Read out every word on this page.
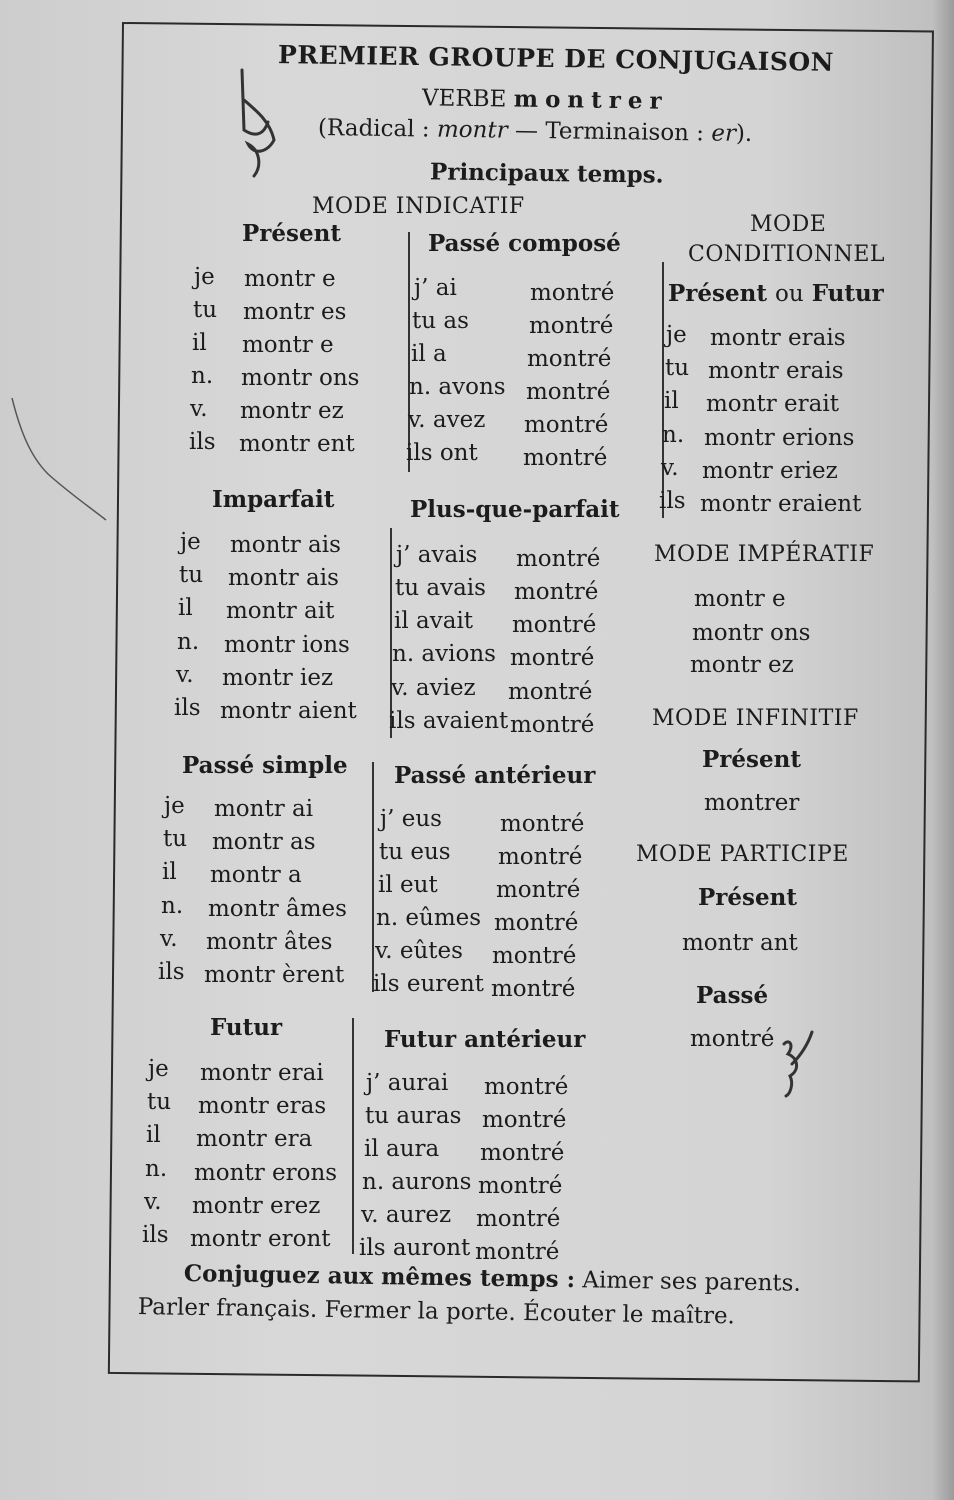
PREMIER GROUPE DE CONJUGAISON
VERBE montrer
(Radical : montr — Terminaison : er).
Principaux temps.
MODE INDICATIF
MODE
CONDITIONNEL
Présent	Passé composé
Présent ou Futur
Imparfait	Plus-que-parfait
Passé simple Passé antérieur
Futur	Futur antérieur
je montr e
tu montr es
il montr e
n. montr ons
v. montr ez
ils montr ent
j’ ai	montré
tu as	montré
il a	montré
n. avons montré
v. avez montré
ils ont montré
je montr erais
tu montr erais
il montr erait
n. montr erions
v. montr eriez
ils montr eraient
je montr ais
tu montr ais
il montr ait
n. montr ions
v. montr iez
ils montr aient
j’ avais montré
tu avais montré
il avait montré
n. avions montré
v. aviez montré
ils avaient montré
je montr ai
tu montr as
il montr a
n. montr âmes
v. montr âtes
ils montr èrent
j’ eus	montré
tu eus montré
il eut	montré
n. eûmes montré
v. eûtes montré
ils eurent montré
je montr erai
tu montr eras
il montr era
n. montr erons
v. montr erez
ils montr eront
j’ aurai montré
tu auras montré
il aura montré
n. aurons montré
v. aurez montré
ils auront montré
MODE IMPÉRATIF
montr e
montr ons
montr ez
MODE INFINITIF
Présent
montrer
MODE PARTICIPE
Présent
montr ant
Passé
montré
Conjuguez aux mêmes temps : Aimer ses parents.
Parler français. Fermer la porte. Écouter le maître.
